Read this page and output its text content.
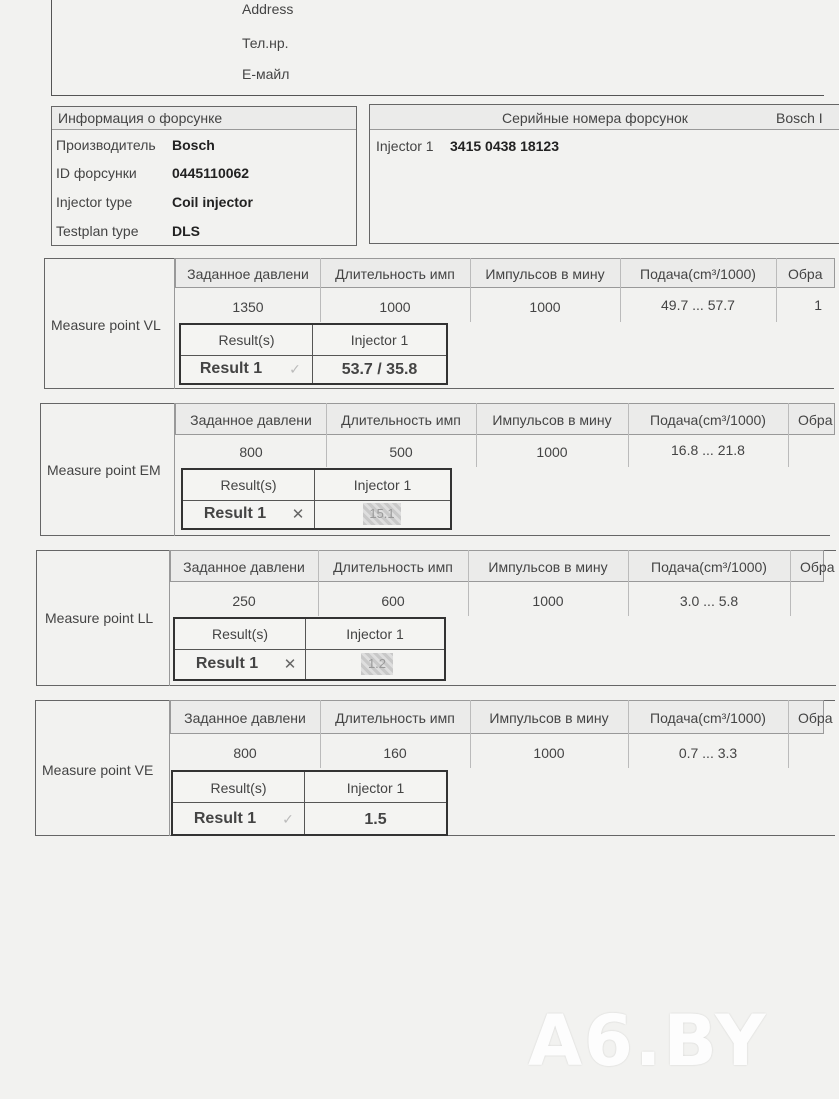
Address
Тел.нр.
Е-майл
Информация о форсунке
Производитель Bosch
ID форсунки	0445110062
Injector type	Coil injector
Testplan type DLS
Серийные номера форсунок	Bosch I
Injector 1 3415 0438 18123
Measure point VL
Заданное давлени	Длительность имп	Импульсов в мину	Подача(cm³/1000)	Обра
1350	1000	1000	49.7 ... 57.7	1
Result(s)	Injector 1
Result 1	✓	53.7 / 35.8
Measure point EM
Заданное давлени	Длительность имп	Импульсов в мину	Подача(cm³/1000)	Обра
800	500	1000	16.8 ... 21.8
Result(s)	Injector 1
Result 1	✕	15.1
Measure point LL
Заданное давлени	Длительность имп	Импульсов в мину	Подача(cm³/1000)	Обра
250	600	1000	3.0 ... 5.8
Result(s)	Injector 1
Result 1	✕	1.2
Measure point VE
Заданное давлени	Длительность имп	Импульсов в мину	Подача(cm³/1000)	Обра
800	160	1000	0.7 ... 3.3
Result(s)	Injector 1
Result 1	✓	1.5
A6.BY
